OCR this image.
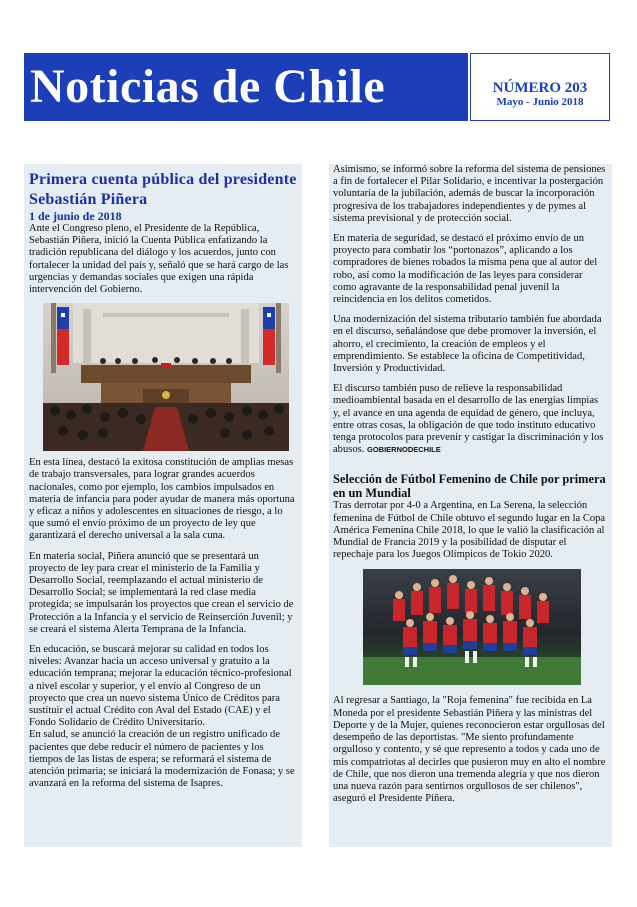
Noticias de Chile	NÚMERO 203
Mayo - Junio 2018
Primera cuenta pública del presidente Sebastián Piñera
1 de junio de 2018

Ante el Congreso pleno, el Presidente de la República, Sebastián Piñera, inició la Cuenta Pública enfatizando la tradición republicana del diálogo y los acuerdos, junto con fortalecer la unidad del país y, señaló que se hará cargo de las urgencias y demandas sociales que exigen una rápida intervención del Gobierno.

En esta línea, destacó la exitosa constitución de amplias mesas de trabajo transversales, para lograr grandes acuerdos nacionales, como por ejemplo, los cambios impulsados en materia de infancia para poder ayudar de manera más oportuna y eficaz a niños y adolescentes en situaciones de riesgo, a lo que sumó el envío próximo de un proyecto de ley que garantizará el derecho universal a la sala cuna.

En materia social, Piñera anunció que se presentará un proyecto de ley para crear el ministerio de la Familia y Desarrollo Social, reemplazando el actual ministerio de Desarrollo Social; se implementará la red clase media protegida; se impulsarán los proyectos que crean el servicio de Protección a la Infancia y el servicio de Reinserción Juvenil; y se creará el sistema Alerta Temprana de la Infancia.

En educación, se buscará mejorar su calidad en todos los niveles: Avanzar hacia un acceso universal y gratuito a la educación temprana; mejorar la educación técnico-profesional a nivel escolar y superior, y el envío al Congreso de un proyecto que crea un nuevo sistema Único de Créditos para sustituir el actual Crédito con Aval del Estado (CAE) y el Fondo Solidario de Crédito Universitario.

En salud, se anunció la creación de un registro unificado de pacientes que debe reducir el número de pacientes y los tiempos de las listas de espera; se reformará el sistema de atención primaria; se iniciará la modernización de Fonasa; y se avanzará en la reforma del sistema de Isapres.

Asimismo, se informó sobre la reforma del sistema de pensiones a fin de fortalecer el Pilar Solidario, e incentivar la postergación voluntaria de la jubilación, además de buscar la incorporación progresiva de los trabajadores independientes y de pymes al sistema previsional y de protección social.

En materia de seguridad, se destacó el próximo envío de un proyecto para combatir los “portonazos”, aplicando a los compradores de bienes robados la misma pena que al autor del robo, así como la modificación de las leyes para considerar como agravante de la responsabilidad penal juvenil la reincidencia en los delitos cometidos.

Una modernización del sistema tributario también fue abordada en el discurso, señalándose que debe promover la inversión, el ahorro, el crecimiento, la creación de empleos y el emprendimiento. Se establece la oficina de Competitividad, Inversión y Productividad.

El discurso también puso de relieve la responsabilidad medioambiental basada en el desarrollo de las energías limpias y, el avance en una agenda de equidad de género, que incluya, entre otras cosas, la obligación de que todo instituto educativo tenga protocolos para prevenir y castigar la discriminación y los abusos. GOBIERNODECHILE

Selección de Fútbol Femenino de Chile por primera en un Mundial

Tras derrotar por 4-0 a Argentina, en La Serena, la selección femenina de Fútbol de Chile obtuvo el segundo lugar en la Copa América Femenina Chile 2018, lo que le valió la clasificación al Mundial de Francia 2019 y la posibilidad de disputar el repechaje para los Juegos Olímpicos de Tokio 2020.

Al regresar a Santiago, la "Roja femenina" fue recibida en La Moneda por el presidente Sebastián Piñera y las ministras del Deporte y de la Mujer, quienes reconocieron estar orgullosas del desempeño de las deportistas. "Me siento profundamente orgulloso y contento, y sé que represento a todos y cada uno de mis compatriotas al decirles que pusieron muy en alto el nombre de Chile, que nos dieron una tremenda alegría y que nos dieron una nueva razón para sentirnos orgullosos de ser chilenos", aseguró el Presidente Piñera.
